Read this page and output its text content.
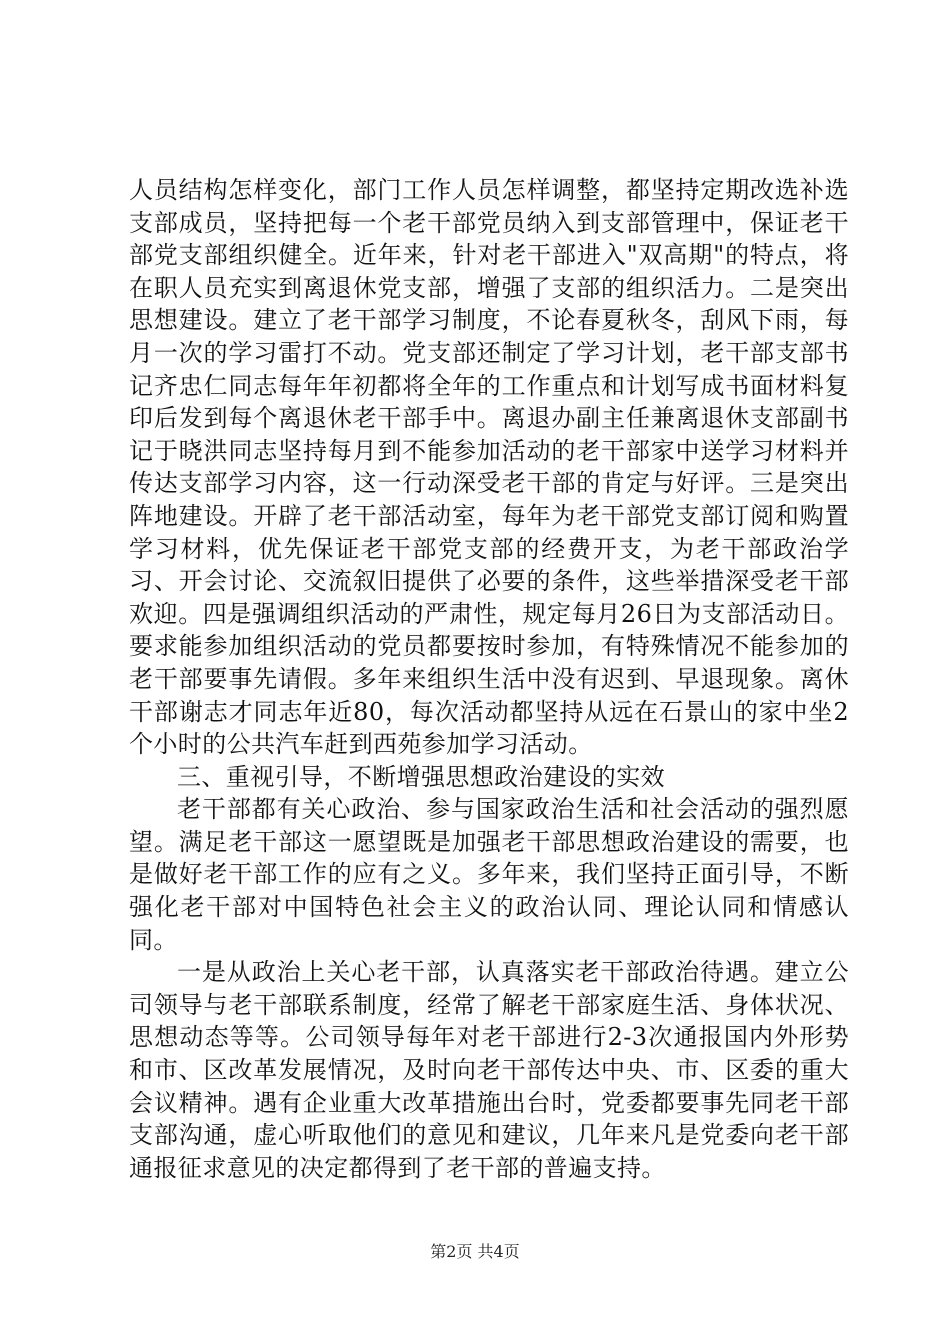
人员结构怎样变化，部门工作人员怎样调整，都坚持定期改选补选支部成员，坚持把每一个老干部党员纳入到支部管理中，保证老干部党支部组织健全。近年来，针对老干部进入"双高期"的特点，将在职人员充实到离退休党支部，增强了支部的组织活力。二是突出思想建设。建立了老干部学习制度，不论春夏秋冬，刮风下雨，每月一次的学习雷打不动。党支部还制定了学习计划，老干部支部书记齐忠仁同志每年年初都将全年的工作重点和计划写成书面材料复印后发到每个离退休老干部手中。离退办副主任兼离退休支部副书记于晓洪同志坚持每月到不能参加活动的老干部家中送学习材料并传达支部学习内容，这一行动深受老干部的肯定与好评。三是突出阵地建设。开辟了老干部活动室，每年为老干部党支部订阅和购置学习材料，优先保证老干部党支部的经费开支，为老干部政治学习、开会讨论、交流叙旧提供了必要的条件，这些举措深受老干部欢迎。四是强调组织活动的严肃性，规定每月26日为支部活动日。要求能参加组织活动的党员都要按时参加，有特殊情况不能参加的老干部要事先请假。多年来组织生活中没有迟到、早退现象。离休干部谢志才同志年近80，每次活动都坚持从远在石景山的家中坐2个小时的公共汽车赶到西苑参加学习活动。

三、重视引导，不断增强思想政治建设的实效

老干部都有关心政治、参与国家政治生活和社会活动的强烈愿望。满足老干部这一愿望既是加强老干部思想政治建设的需要，也是做好老干部工作的应有之义。多年来，我们坚持正面引导，不断强化老干部对中国特色社会主义的政治认同、理论认同和情感认同。

一是从政治上关心老干部，认真落实老干部政治待遇。建立公司领导与老干部联系制度，经常了解老干部家庭生活、身体状况、思想动态等等。公司领导每年对老干部进行2-3次通报国内外形势和市、区改革发展情况，及时向老干部传达中央、市、区委的重大会议精神。遇有企业重大改革措施出台时，党委都要事先同老干部支部沟通，虚心听取他们的意见和建议，几年来凡是党委向老干部通报征求意见的决定都得到了老干部的普遍支持。

第2页 共4页
